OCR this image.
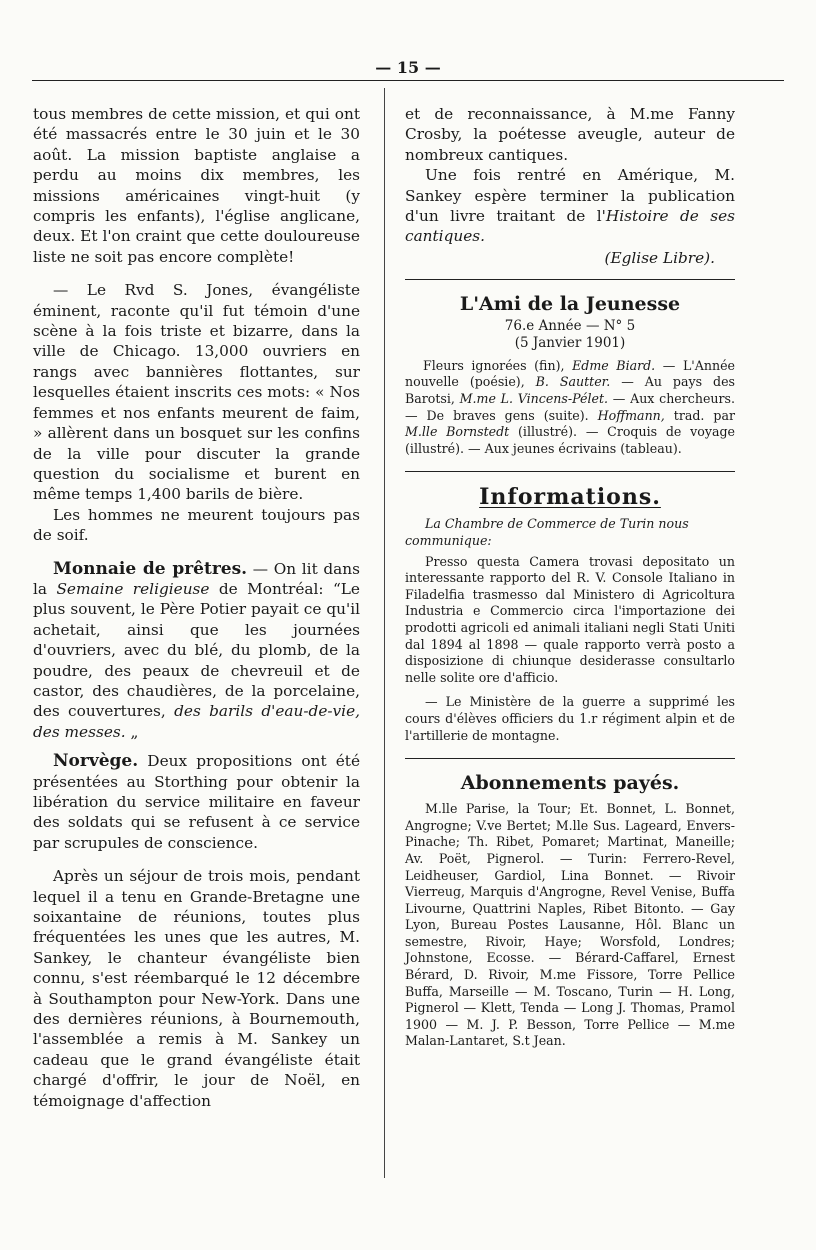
— 15 —

tous membres de cette mission, et qui ont été massacrés entre le 30 juin et le 30 août. La mission baptiste anglaise a perdu au moins dix membres, les missions américaines vingt-huit (y compris les enfants), l'église anglicane, deux. Et l'on craint que cette douloureuse liste ne soit pas encore complète!

— Le Rvd S. Jones, évangéliste éminent, raconte qu'il fut témoin d'une scène à la fois triste et bizarre, dans la ville de Chicago. 13,000 ouvriers en rangs avec bannières flottantes, sur lesquelles étaient inscrits ces mots: « Nos femmes et nos enfants meurent de faim, » allèrent dans un bosquet sur les confins de la ville pour discuter la grande question du socialisme et burent en même temps 1,400 barils de bière.

Les hommes ne meurent toujours pas de soif.

Monnaie de prêtres. — On lit dans la Semaine religieuse de Montréal: “Le plus souvent, le Père Potier payait ce qu'il achetait, ainsi que les journées d'ouvriers, avec du blé, du plomb, de la poudre, des peaux de chevreuil et de castor, des chaudières, de la porcelaine, des couvertures, des barils d'eau-de-vie, des messes. „

Norvège. Deux propositions ont été présentées au Storthing pour obtenir la libération du service militaire en faveur des soldats qui se refusent à ce service par scrupules de conscience.

Après un séjour de trois mois, pendant lequel il a tenu en Grande-Bretagne une soixantaine de réunions, toutes plus fréquentées les unes que les autres, M. Sankey, le chanteur évangéliste bien connu, s'est réembarqué le 12 décembre à Southampton pour New-York. Dans une des dernières réunions, à Bournemouth, l'assemblée a remis à M. Sankey un cadeau que le grand évangéliste était chargé d'offrir, le jour de Noël, en témoignage d'affection

et de reconnaissance, à M.me Fanny Crosby, la poétesse aveugle, auteur de nombreux cantiques.

Une fois rentré en Amérique, M. Sankey espère terminer la publication d'un livre traitant de l'Histoire de ses cantiques.

(Eglise Libre).
L'Ami de la Jeunesse
76.e Année — N° 5
(5 Janvier 1901)

Fleurs ignorées (fin), Edme Biard. — L'Année nouvelle (poésie), B. Sautter. — Au pays des Barotsi, M.me L. Vincens-Pélet. — Aux chercheurs. — De braves gens (suite). Hoffmann, trad. par M.lle Bornstedt (illustré). — Croquis de voyage (illustré). — Aux jeunes écrivains (tableau).

Informations.

La Chambre de Commerce de Turin nous communique:

Presso questa Camera trovasi depositato un interessante rapporto del R. V. Console Italiano in Filadelfia trasmesso dal Ministero di Agricoltura Industria e Commercio circa l'importazione dei prodotti agricoli ed animali italiani negli Stati Uniti dal 1894 al 1898 — quale rapporto verrà posto a disposizione di chiunque desiderasse consultarlo nelle solite ore d'afficio.

— Le Ministère de la guerre a supprimé les cours d'élèves officiers du 1.r régiment alpin et de l'artillerie de montagne.

Abonnements payés.

M.lle Parise, la Tour; Et. Bonnet, L. Bonnet, Angrogne; V.ve Bertet; M.lle Sus. Lageard, Envers-Pinache; Th. Ribet, Pomaret; Martinat, Maneille; Av. Poët, Pignerol. — Turin: Ferrero-Revel, Leidheuser, Gardiol, Lina Bonnet. — Rivoir Vierreug, Marquis d'Angrogne, Revel Venise, Buffa Livourne, Quattrini Naples, Ribet Bitonto. — Gay Lyon, Bureau Postes Lausanne, Hôl. Blanc un semestre, Rivoir, Haye; Worsfold, Londres; Johnstone, Ecosse. — Bérard-Caffarel, Ernest Bérard, D. Rivoir, M.me Fissore, Torre Pellice Buffa, Marseille — M. Toscano, Turin — H. Long, Pignerol — Klett, Tenda — Long J. Thomas, Pramol 1900 — M. J. P. Besson, Torre Pellice — M.me Malan-Lantaret, S.t Jean.
